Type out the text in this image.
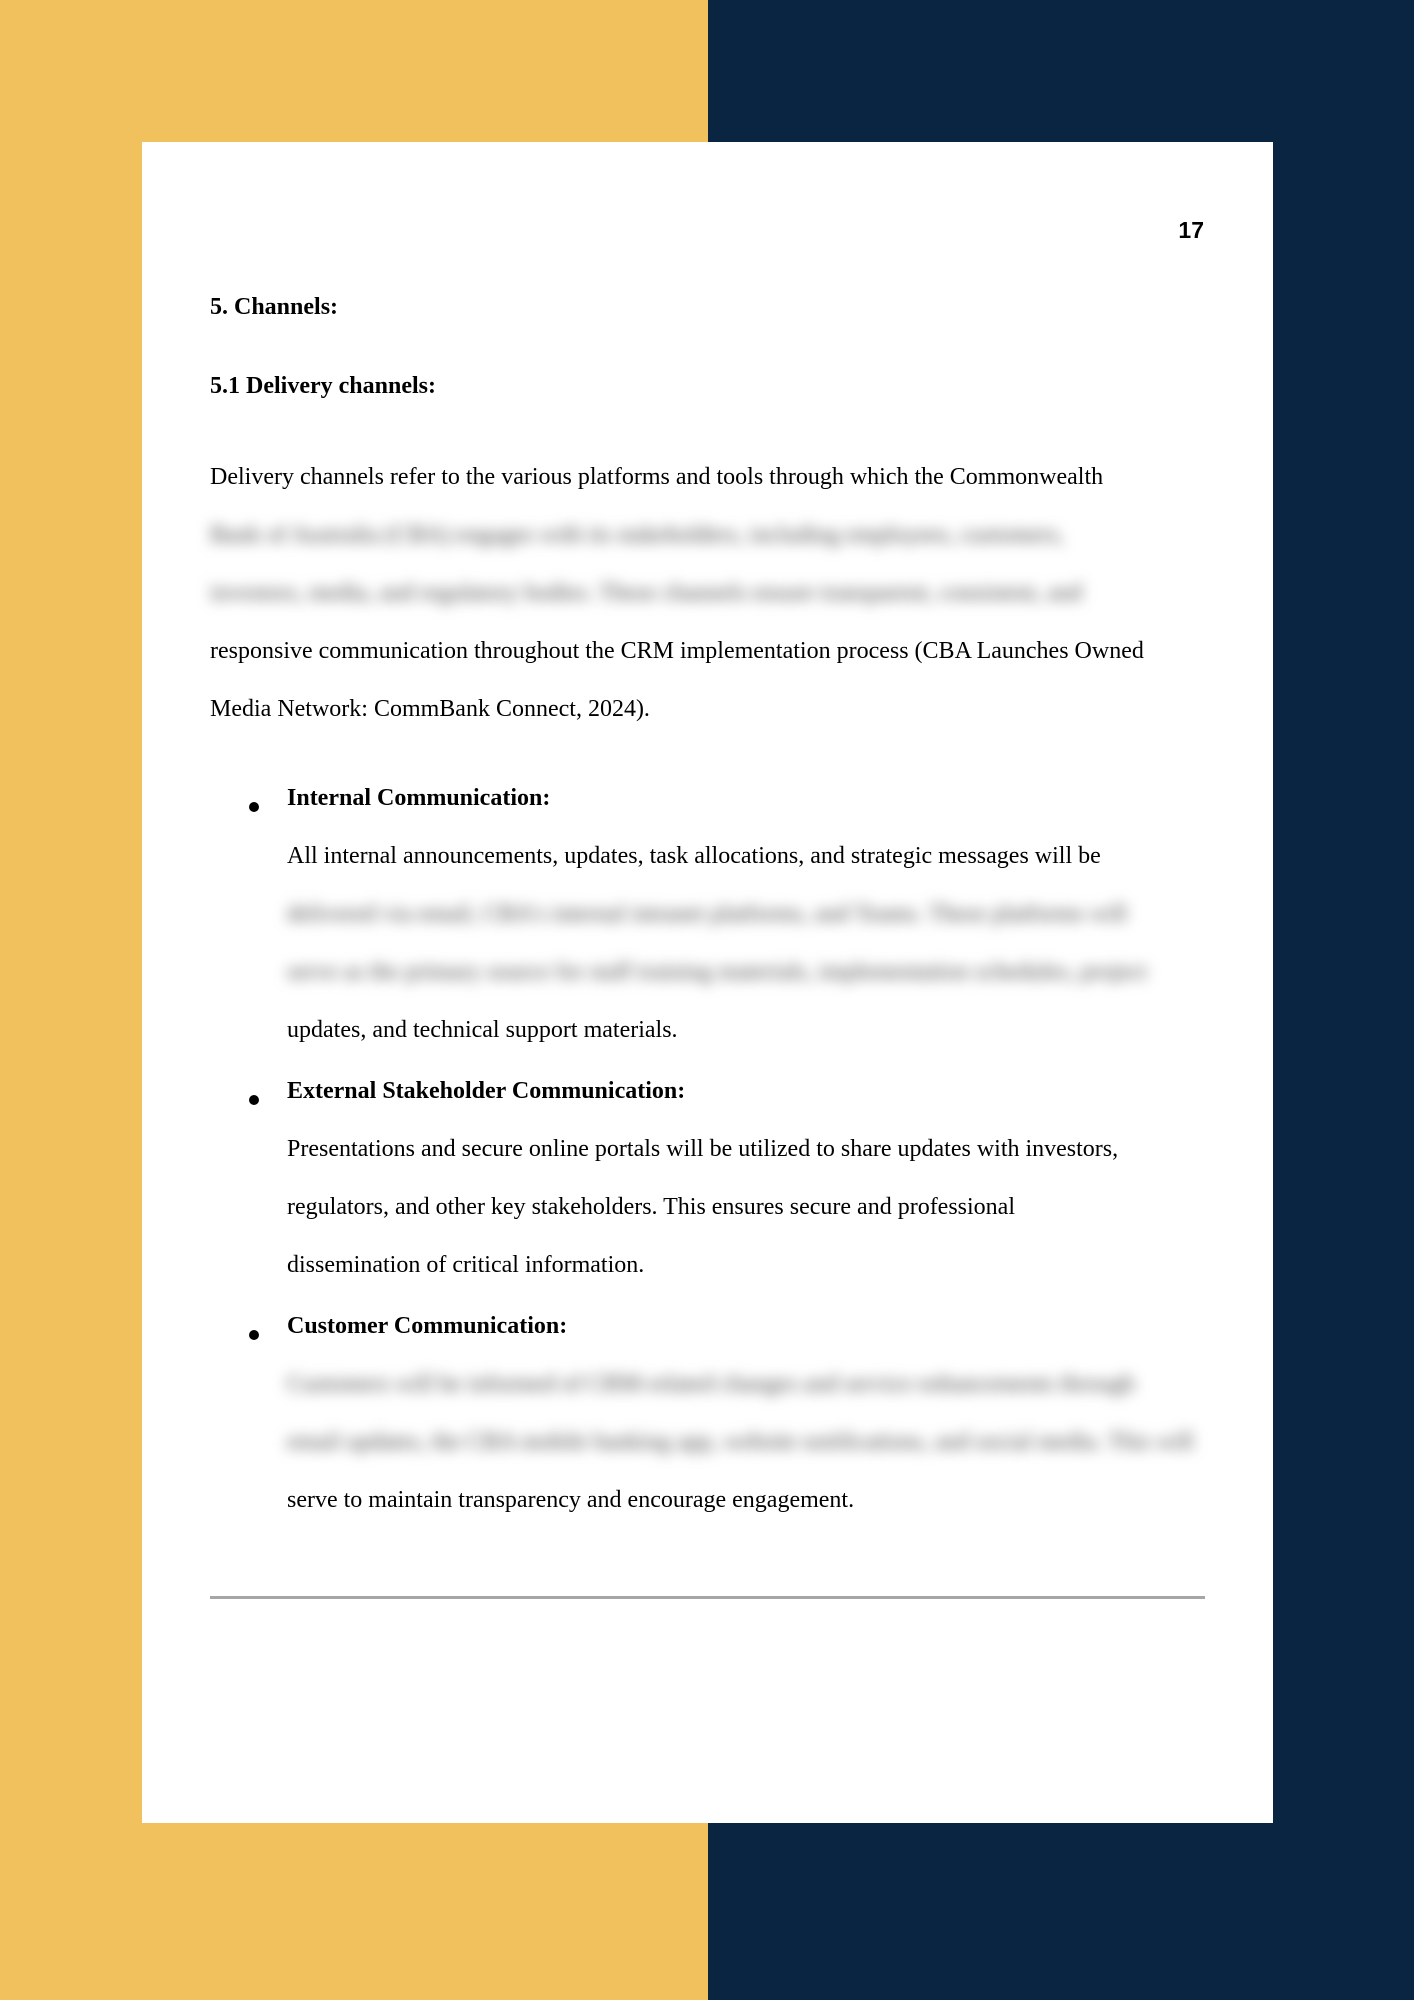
17
5. Channels:
5.1 Delivery channels:
Delivery channels refer to the various platforms and tools through which the Commonwealth
Bank of Australia (CBA) engages with its stakeholders, including employees, customers,
investors, media, and regulatory bodies. These channels ensure transparent, consistent, and
responsive communication throughout the CRM implementation process (CBA Launches Owned
Media Network: CommBank Connect, 2024).
Internal Communication:
All internal announcements, updates, task allocations, and strategic messages will be
delivered via email, CBA's internal intranet platforms, and Teams. These platforms will
serve as the primary source for staff training materials, implementation schedules, project
updates, and technical support materials.
External Stakeholder Communication:
Presentations and secure online portals will be utilized to share updates with investors,
regulators, and other key stakeholders. This ensures secure and professional
dissemination of critical information.
Customer Communication:
Customers will be informed of CRM-related changes and service enhancements through
email updates, the CBA mobile banking app, website notifications, and social media. This will
serve to maintain transparency and encourage engagement.
